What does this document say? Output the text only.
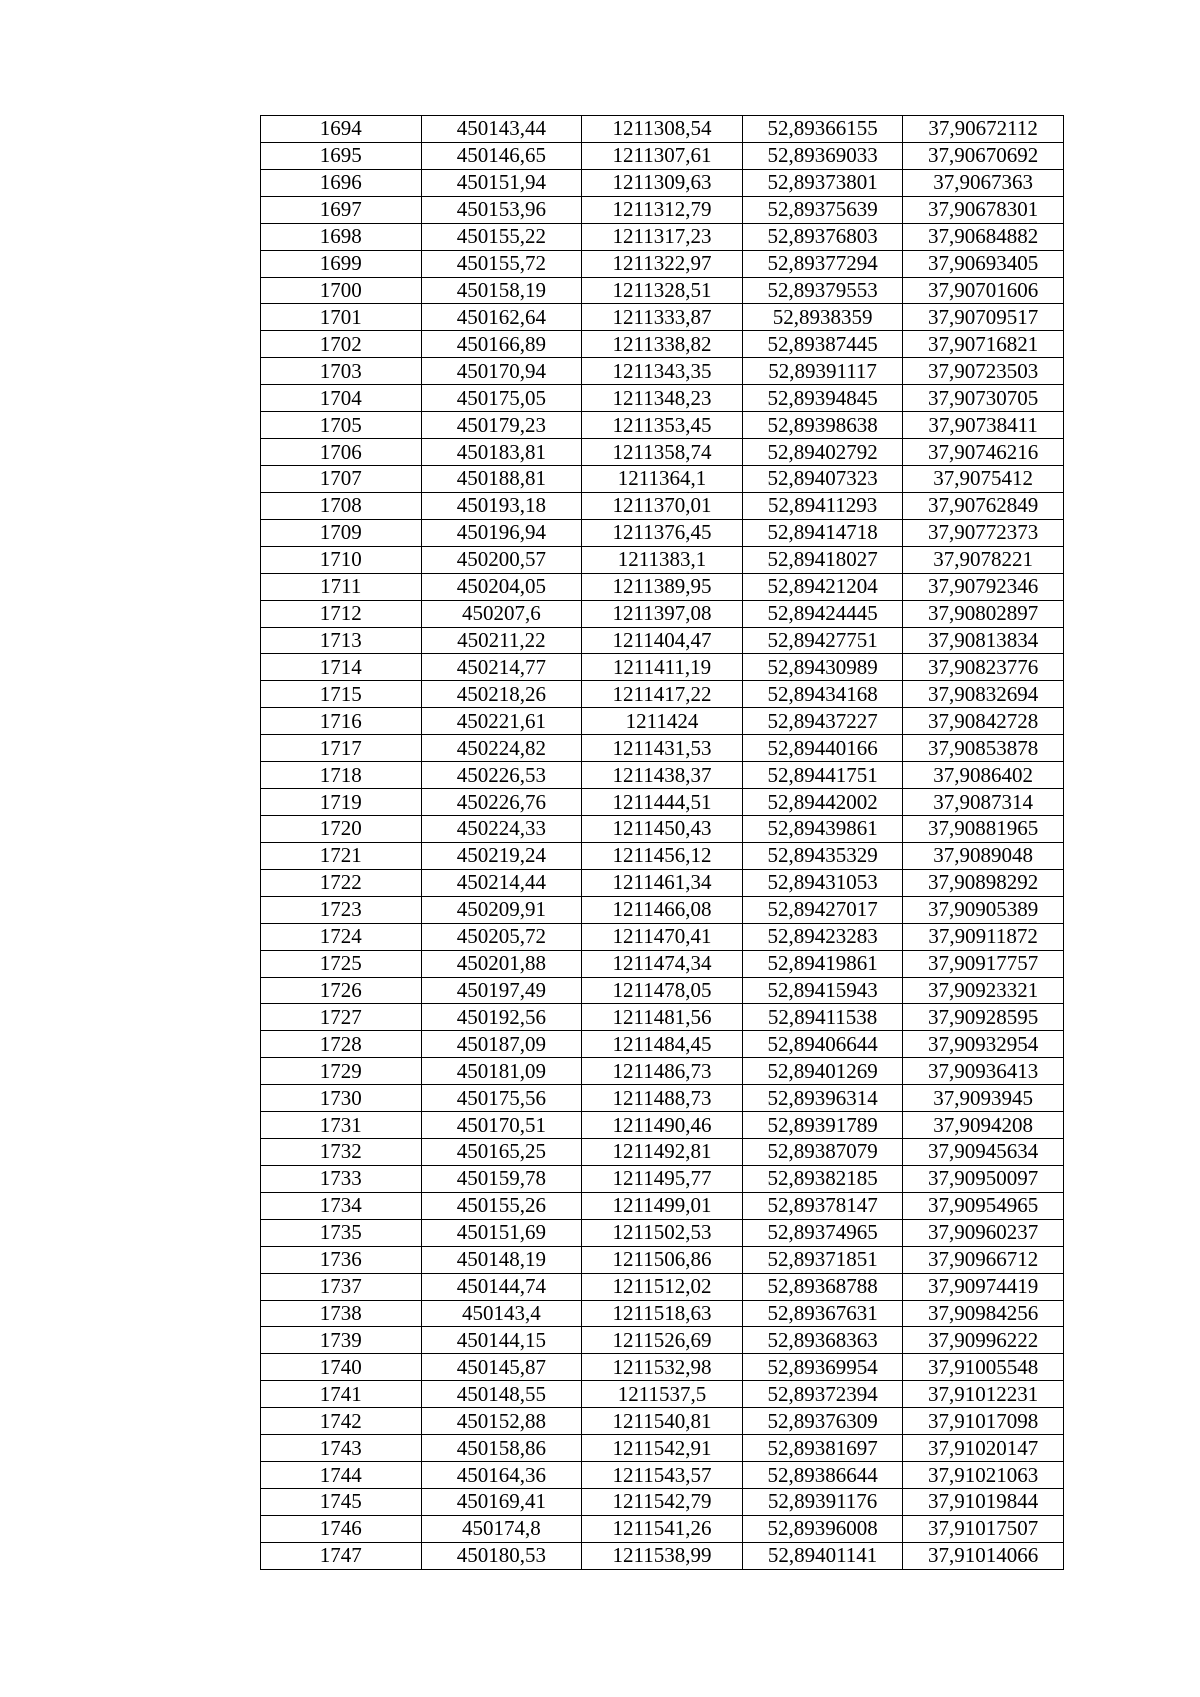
1694	450143,44	1211308,54	52,89366155	37,90672112
1695	450146,65	1211307,61	52,89369033	37,90670692
1696	450151,94	1211309,63	52,89373801	37,9067363
1697	450153,96	1211312,79	52,89375639	37,90678301
1698	450155,22	1211317,23	52,89376803	37,90684882
1699	450155,72	1211322,97	52,89377294	37,90693405
1700	450158,19	1211328,51	52,89379553	37,90701606
1701	450162,64	1211333,87	52,8938359	37,90709517
1702	450166,89	1211338,82	52,89387445	37,90716821
1703	450170,94	1211343,35	52,89391117	37,90723503
1704	450175,05	1211348,23	52,89394845	37,90730705
1705	450179,23	1211353,45	52,89398638	37,90738411
1706	450183,81	1211358,74	52,89402792	37,90746216
1707	450188,81	1211364,1	52,89407323	37,9075412
1708	450193,18	1211370,01	52,89411293	37,90762849
1709	450196,94	1211376,45	52,89414718	37,90772373
1710	450200,57	1211383,1	52,89418027	37,9078221
1711	450204,05	1211389,95	52,89421204	37,90792346
1712	450207,6	1211397,08	52,89424445	37,90802897
1713	450211,22	1211404,47	52,89427751	37,90813834
1714	450214,77	1211411,19	52,89430989	37,90823776
1715	450218,26	1211417,22	52,89434168	37,90832694
1716	450221,61	1211424	52,89437227	37,90842728
1717	450224,82	1211431,53	52,89440166	37,90853878
1718	450226,53	1211438,37	52,89441751	37,9086402
1719	450226,76	1211444,51	52,89442002	37,9087314
1720	450224,33	1211450,43	52,89439861	37,90881965
1721	450219,24	1211456,12	52,89435329	37,9089048
1722	450214,44	1211461,34	52,89431053	37,90898292
1723	450209,91	1211466,08	52,89427017	37,90905389
1724	450205,72	1211470,41	52,89423283	37,90911872
1725	450201,88	1211474,34	52,89419861	37,90917757
1726	450197,49	1211478,05	52,89415943	37,90923321
1727	450192,56	1211481,56	52,89411538	37,90928595
1728	450187,09	1211484,45	52,89406644	37,90932954
1729	450181,09	1211486,73	52,89401269	37,90936413
1730	450175,56	1211488,73	52,89396314	37,9093945
1731	450170,51	1211490,46	52,89391789	37,9094208
1732	450165,25	1211492,81	52,89387079	37,90945634
1733	450159,78	1211495,77	52,89382185	37,90950097
1734	450155,26	1211499,01	52,89378147	37,90954965
1735	450151,69	1211502,53	52,89374965	37,90960237
1736	450148,19	1211506,86	52,89371851	37,90966712
1737	450144,74	1211512,02	52,89368788	37,90974419
1738	450143,4	1211518,63	52,89367631	37,90984256
1739	450144,15	1211526,69	52,89368363	37,90996222
1740	450145,87	1211532,98	52,89369954	37,91005548
1741	450148,55	1211537,5	52,89372394	37,91012231
1742	450152,88	1211540,81	52,89376309	37,91017098
1743	450158,86	1211542,91	52,89381697	37,91020147
1744	450164,36	1211543,57	52,89386644	37,91021063
1745	450169,41	1211542,79	52,89391176	37,91019844
1746	450174,8	1211541,26	52,89396008	37,91017507
1747	450180,53	1211538,99	52,89401141	37,91014066
